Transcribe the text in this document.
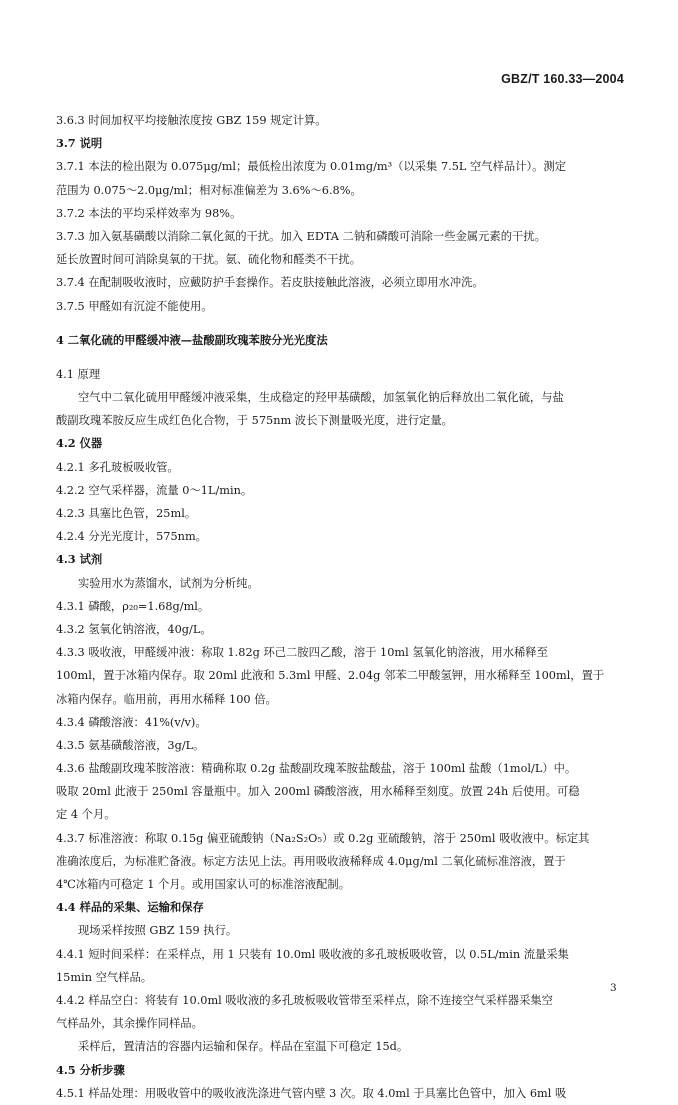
GBZ/T 160.33—2004
3.6.3 时间加权平均接触浓度按 GBZ 159 规定计算。
3.7 说明
3.7.1 本法的检出限为 0.075μg/ml；最低检出浓度为 0.01mg/m³（以采集 7.5L 空气样品计）。测定
范围为 0.075～2.0μg/ml；相对标准偏差为 3.6%～6.8%。
3.7.2 本法的平均采样效率为 98%。
3.7.3 加入氨基磺酸以消除二氧化氮的干扰。加入 EDTA 二钠和磷酸可消除一些金属元素的干扰。
延长放置时间可消除臭氧的干扰。氨、硫化物和醛类不干扰。
3.7.4 在配制吸收液时，应戴防护手套操作。若皮肤接触此溶液，必须立即用水冲洗。
3.7.5 甲醛如有沉淀不能使用。
4 二氧化硫的甲醛缓冲液—盐酸副玫瑰苯胺分光光度法
4.1 原理
空气中二氧化硫用甲醛缓冲液采集，生成稳定的羟甲基磺酸，加氢氧化钠后释放出二氧化硫，与盐
酸副玫瑰苯胺反应生成红色化合物，于 575nm 波长下测量吸光度，进行定量。
4.2 仪器
4.2.1 多孔玻板吸收管。
4.2.2 空气采样器，流量 0～1L/min。
4.2.3 具塞比色管，25ml。
4.2.4 分光光度计，575nm。
4.3 试剂
实验用水为蒸馏水，试剂为分析纯。
4.3.1 磷酸，ρ₂₀=1.68g/ml。
4.3.2 氢氧化钠溶液，40g/L。
4.3.3 吸收液，甲醛缓冲液：称取 1.82g 环己二胺四乙酸，溶于 10ml 氢氧化钠溶液，用水稀释至
100ml，置于冰箱内保存。取 20ml 此液和 5.3ml 甲醛、2.04g 邻苯二甲酸氢钾，用水稀释至 100ml，置于
冰箱内保存。临用前，再用水稀释 100 倍。
4.3.4 磷酸溶液：41%(v/v)。
4.3.5 氨基磺酸溶液，3g/L。
4.3.6 盐酸副玫瑰苯胺溶液：精确称取 0.2g 盐酸副玫瑰苯胺盐酸盐，溶于 100ml 盐酸（1mol/L）中。
吸取 20ml 此液于 250ml 容量瓶中。加入 200ml 磷酸溶液，用水稀释至刻度。放置 24h 后使用。可稳
定 4 个月。
4.3.7 标准溶液：称取 0.15g 偏亚硫酸钠（Na₂S₂O₅）或 0.2g 亚硫酸钠，溶于 250ml 吸收液中。标定其
准确浓度后，为标准贮备液。标定方法见上法。再用吸收液稀释成 4.0μg/ml 二氧化硫标准溶液，置于
4℃冰箱内可稳定 1 个月。或用国家认可的标准溶液配制。
4.4 样品的采集、运输和保存
现场采样按照 GBZ 159 执行。
4.4.1 短时间采样：在采样点，用 1 只装有 10.0ml 吸收液的多孔玻板吸收管，以 0.5L/min 流量采集
15min 空气样品。
4.4.2 样品空白：将装有 10.0ml 吸收液的多孔玻板吸收管带至采样点，除不连接空气采样器采集空
气样品外，其余操作同样品。
采样后，置清洁的容器内运输和保存。样品在室温下可稳定 15d。
4.5 分析步骤
4.5.1 样品处理：用吸收管中的吸收液洗涤进气管内壁 3 次。取 4.0ml 于具塞比色管中，加入 6ml 吸
3
